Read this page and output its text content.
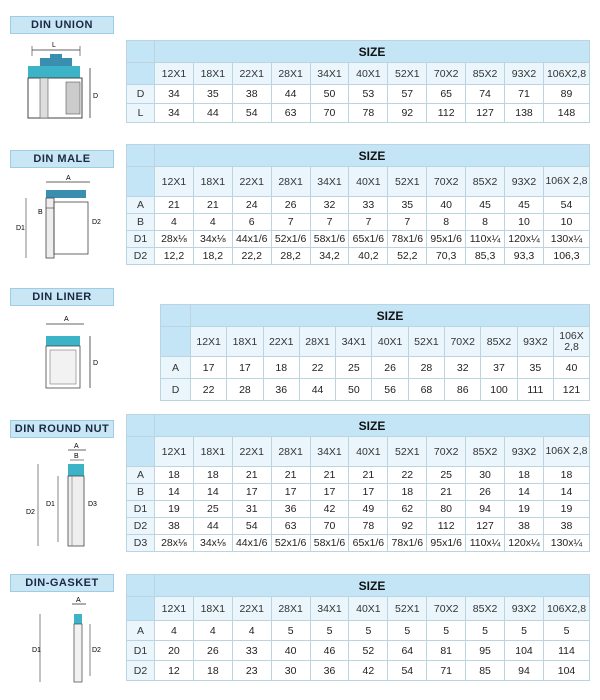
DIN UNION
L
D
	SIZE										
	12X1	18X1	22X1	28X1	34X1	40X1	52X1	70X2	85X2	93X2	106X2,8
D	34	35	38	44	50	53	57	65	74	71	89
L	34	44	54	63	70	78	92	112	127	138	148
DIN MALE
A
B
D1
D2
	SIZE										
	12X1	18X1	22X1	28X1	34X1	40X1	52X1	70X2	85X2	93X2	106X 2,8
A	21	21	24	26	32	33	35	40	45	45	54
B	4	4	6	7	7	7	7	8	8	10	10
D1	28x⅛	34x⅛	44x1/6	52x1/6	58x1/6	65x1/6	78x1/6	95x1/6	110x¼	120x¼	130x¼
D2	12,2	18,2	22,2	28,2	34,2	40,2	52,2	70,3	85,3	93,3	106,3
DIN LINER
A
D
	SIZE										
	12X1	18X1	22X1	28X1	34X1	40X1	52X1	70X2	85X2	93X2	106X 2,8
A	17	17	18	22	25	26	28	32	37	35	40
D	22	28	36	44	50	56	68	86	100	111	121
DIN ROUND NUT
A
B
D2
D1	D3
	SIZE										
	12X1	18X1	22X1	28X1	34X1	40X1	52X1	70X2	85X2	93X2	106X 2,8
A	18	18	21	21	21	21	22	25	30	18	18
B	14	14	17	17	17	17	18	21	26	14	14
D1	19	25	31	36	42	49	62	80	94	19	19
D2	38	44	54	63	70	78	92	112	127	38	38
D3	28x⅛	34x⅛	44x1/6	52x1/6	58x1/6	65x1/6	78x1/6	95x1/6	110x¼	120x¼	130x¼
DIN-GASKET
A
D1	D2
	SIZE										
	12X1	18X1	22X1	28X1	34X1	40X1	52X1	70X2	85X2	93X2	106X2,8
A	4	4	4	5	5	5	5	5	5	5	5
D1	20	26	33	40	46	52	64	81	95	104	114
D2	12	18	23	30	36	42	54	71	85	94	104
